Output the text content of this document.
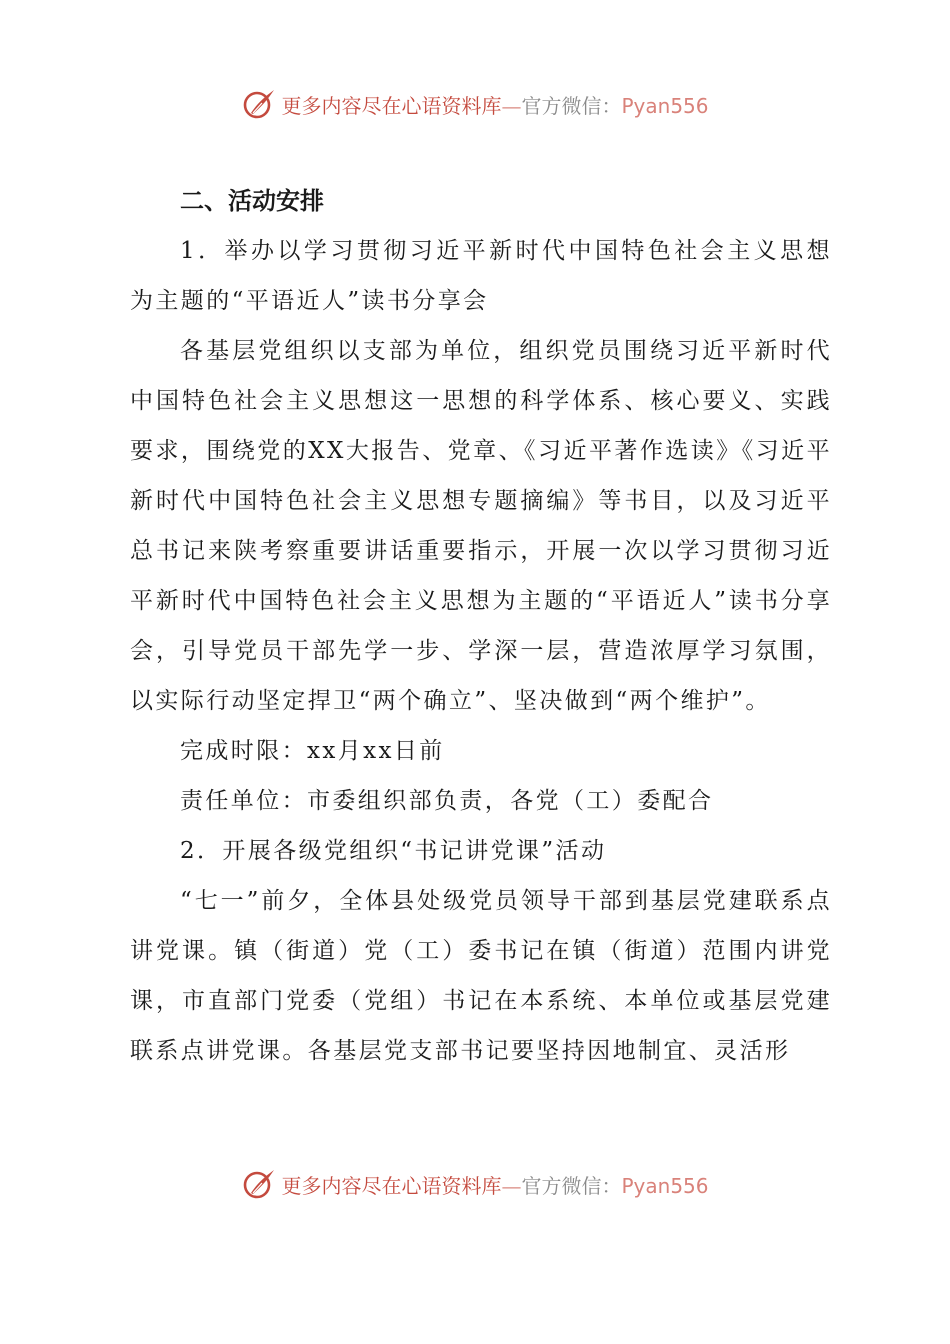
更多内容尽在心语资料库—官方微信：Pyan556
二、活动安排

1．举办以学习贯彻习近平新时代中国特色社会主义思想为主题的“平语近人”读书分享会

各基层党组织以支部为单位，组织党员围绕习近平新时代中国特色社会主义思想这一思想的科学体系、核心要义、实践要求，围绕党的XX大报告、党章、《习近平著作选读》《习近平新时代中国特色社会主义思想专题摘编》等书目，以及习近平总书记来陕考察重要讲话重要指示，开展一次以学习贯彻习近平新时代中国特色社会主义思想为主题的“平语近人”读书分享会，引导党员干部先学一步、学深一层，营造浓厚学习氛围，以实际行动坚定捍卫“两个确立”、坚决做到“两个维护”。

完成时限：xx月xx日前

责任单位：市委组织部负责，各党（工）委配合

2．开展各级党组织“书记讲党课”活动

“七一”前夕，全体县处级党员领导干部到基层党建联系点讲党课。镇（街道）党（工）委书记在镇（街道）范围内讲党课，市直部门党委（党组）书记在本系统、本单位或基层党建联系点讲党课。各基层党支部书记要坚持因地制宜、灵活形

更多内容尽在心语资料库—官方微信：Pyan556
